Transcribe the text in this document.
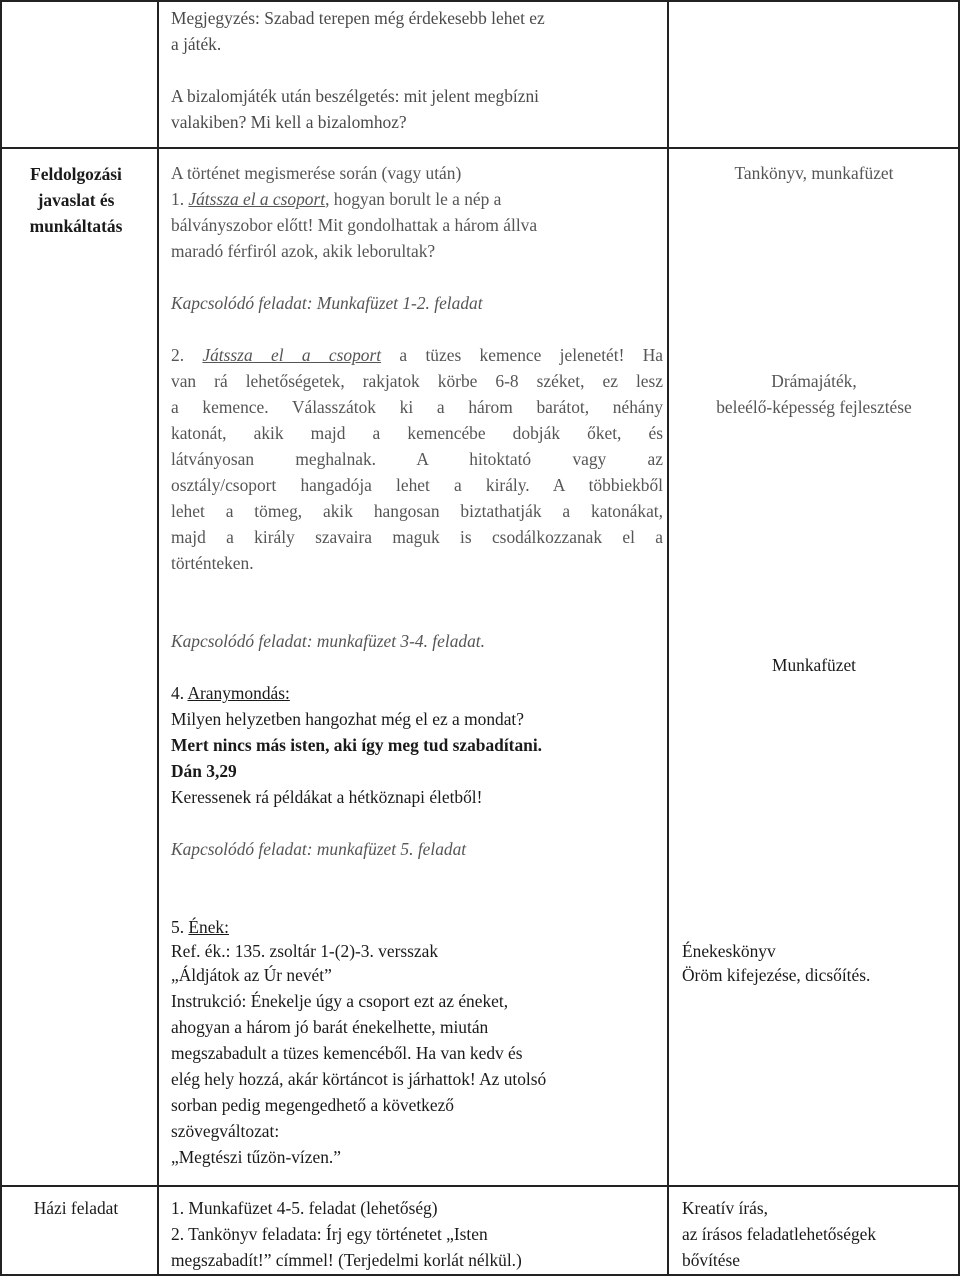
Megjegyzés: Szabad terepen még érdekesebb lehet ez
a játék.
A bizalomjáték után beszélgetés: mit jelent megbízni
valakiben? Mi kell a bizalomhoz?
Feldolgozási
javaslat és
munkáltatás
A történet megismerése során (vagy után)
1. Játssza el a csoport, hogyan borult le a nép a
bálványszobor előtt! Mit gondolhattak a három állva
maradó férfiról azok, akik leborultak?
Kapcsolódó feladat: Munkafüzet 1-2. feladat
2. Játssza el a csoport a tüzes kemence jelenetét! Ha
van rá lehetőségetek, rakjatok körbe 6-8 széket, ez lesz
a kemence. Válasszátok ki a három barátot, néhány
katonát, akik majd a kemencébe dobják őket, és
látványosan meghalnak. A hitoktató vagy az
osztály/csoport hangadója lehet a király. A többiekből
lehet a tömeg, akik hangosan biztathatják a katonákat,
majd a király szavaira maguk is csodálkozzanak el a
történteken.
Kapcsolódó feladat: munkafüzet 3-4. feladat.
4. Aranymondás:
Milyen helyzetben hangozhat még el ez a mondat?
Mert nincs más isten, aki így meg tud szabadítani.
Dán 3,29
Keressenek rá példákat a hétköznapi életből!
Kapcsolódó feladat: munkafüzet 5. feladat
Tankönyv, munkafüzet
Drámajáték,
beleélő-képesség fejlesztése
Munkafüzet
5. Ének:
Ref. ék.: 135. zsoltár 1-(2)-3. versszak
„Áldjátok az Úr nevét”
Instrukció: Énekelje úgy a csoport ezt az éneket,
ahogyan a három jó barát énekelhette, miután
megszabadult a tüzes kemencéből. Ha van kedv és
elég hely hozzá, akár körtáncot is járhattok! Az utolsó
sorban pedig megengedhető a következő
szövegváltozat:
„Megtészi tűzön-vízen.”
Énekeskönyv
Öröm kifejezése, dicsőítés.
Házi feladat	1. Munkafüzet 4-5. feladat (lehetőség)
2. Tankönyv feladata: Írj egy történetet „Isten
megszabadít!” címmel! (Terjedelmi korlát nélkül.)
Kreatív írás,
az írásos feladatlehetőségek
bővítése
